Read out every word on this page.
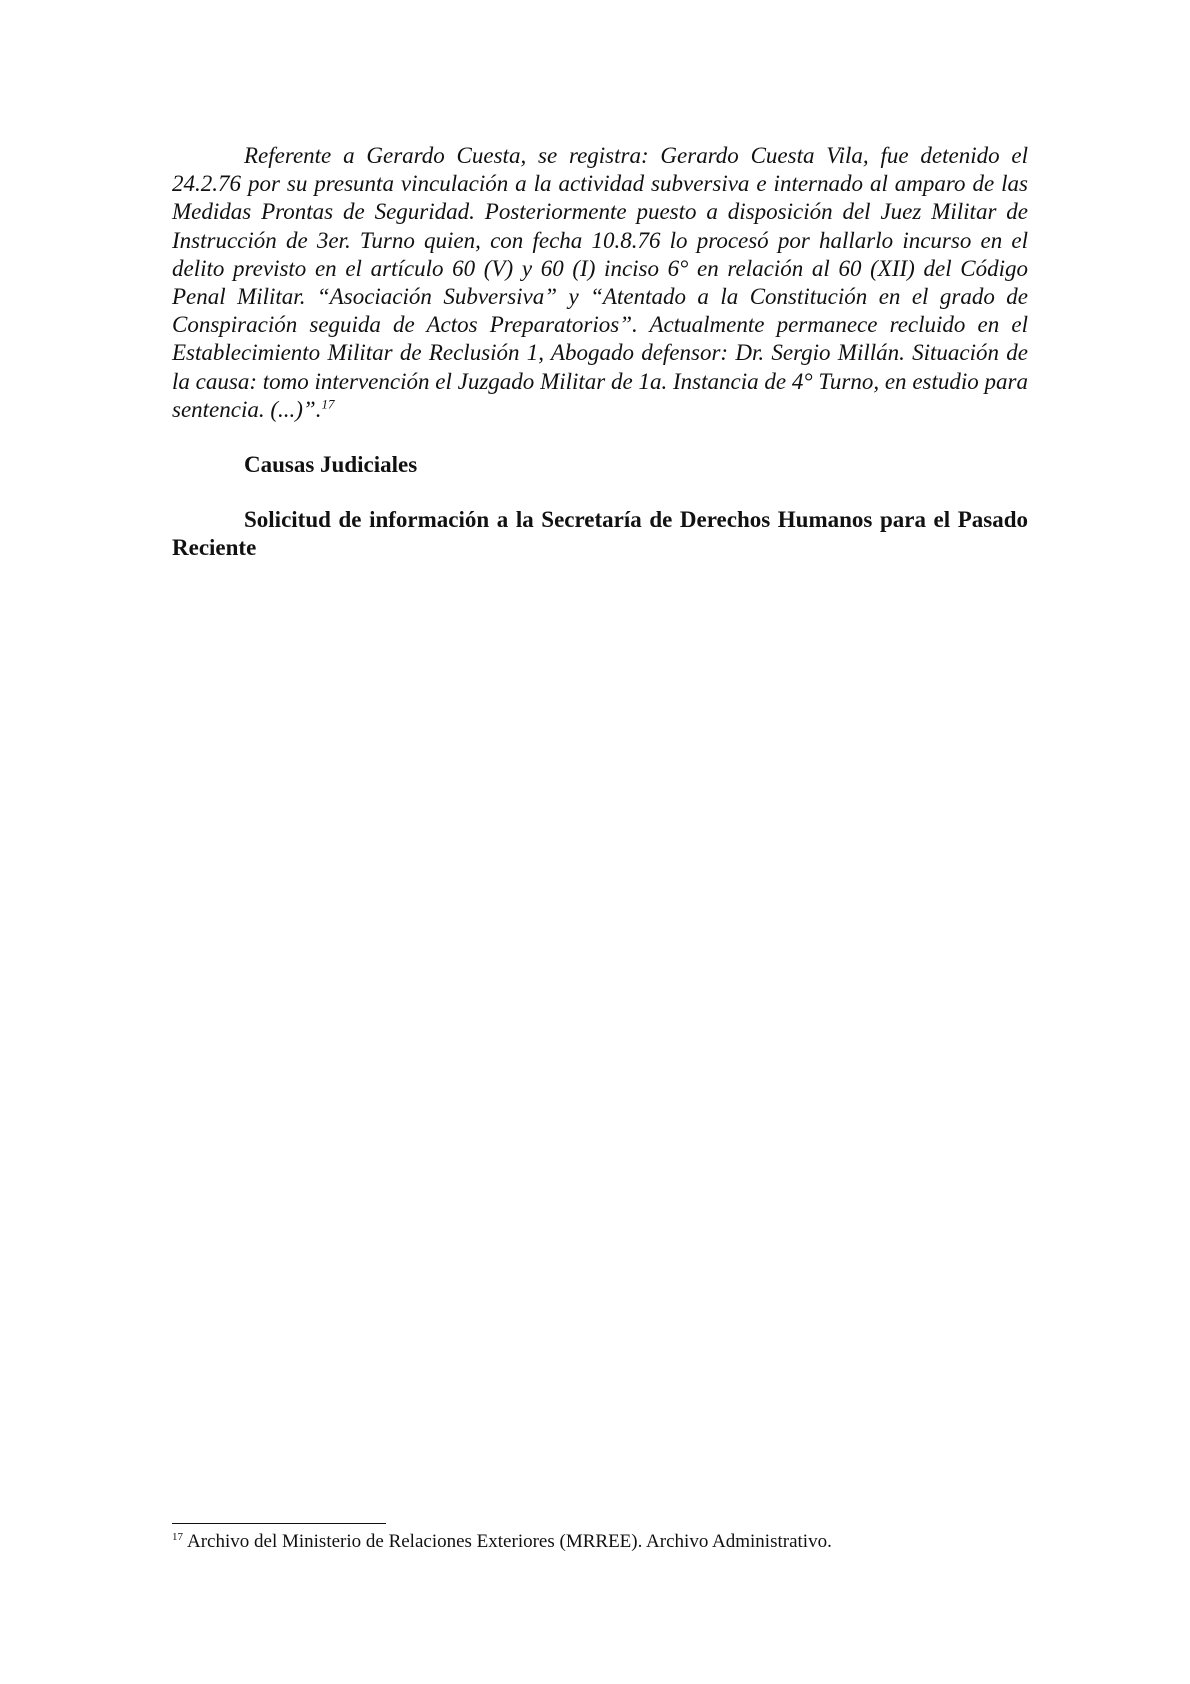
Referente a Gerardo Cuesta, se registra: Gerardo Cuesta Vila, fue detenido el 24.2.76 por su presunta vinculación a la actividad subversiva e internado al amparo de las Medidas Prontas de Seguridad. Posteriormente puesto a disposición del Juez Militar de Instrucción de 3er. Turno quien, con fecha 10.8.76 lo procesó por hallarlo incurso en el delito previsto en el artículo 60 (V) y 60 (I) inciso 6° en relación al 60 (XII) del Código Penal Militar. “Asociación Subversiva” y “Atentado a la Constitución en el grado de Conspiración seguida de Actos Preparatorios”. Actualmente permanece recluido en el Establecimiento Militar de Reclusión 1, Abogado defensor: Dr. Sergio Millán. Situación de la causa: tomo intervención el Juzgado Militar de 1a. Instancia de 4° Turno, en estudio para sentencia. (...)”.$^{17}$

Causas Judiciales

Solicitud de información a la Secretaría de Derechos Humanos para el Pasado Reciente

$^{17}$ Archivo del Ministerio de Relaciones Exteriores (MRREE). Archivo Administrativo.
